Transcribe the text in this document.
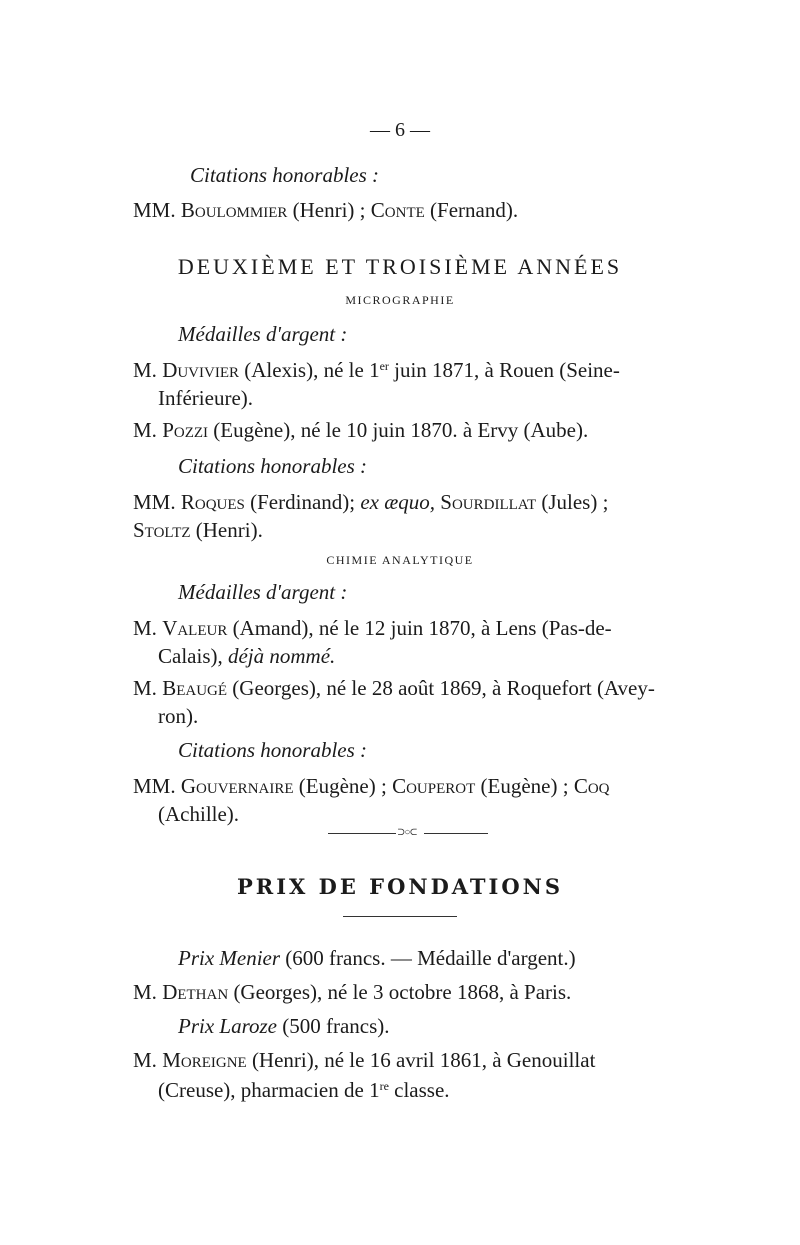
— 6 —
Citations honorables :
MM. Boulommier (Henri) ; Conte (Fernand).
DEUXIÈME ET TROISIÈME ANNÉES
MICROGRAPHIE
Médailles d'argent :
M. Duvivier (Alexis), né le 1er juin 1871, à Rouen (Seine-
Inférieure).
M. Pozzi (Eugène), né le 10 juin 1870. à Ervy (Aube).
Citations honorables :
MM. Roques (Ferdinand); ex æquo, Sourdillat (Jules) ;
Stoltz (Henri).
CHIMIE ANALYTIQUE
Médailles d'argent :
M. Valeur (Amand), né le 12 juin 1870, à Lens (Pas-de-
Calais), déjà nommé.
M. Beaugé (Georges), né le 28 août 1869, à Roquefort (Avey-
ron).
Citations honorables :
MM. Gouvernaire (Eugène) ; Couperot (Eugène) ; Coq
(Achille).
⊃○⊂
PRIX DE FONDATIONS
Prix Menier (600 francs. — Médaille d'argent.)
M. Dethan (Georges), né le 3 octobre 1868, à Paris.
Prix Laroze (500 francs).
M. Moreigne (Henri), né le 16 avril 1861, à Genouillat
(Creuse), pharmacien de 1re classe.
